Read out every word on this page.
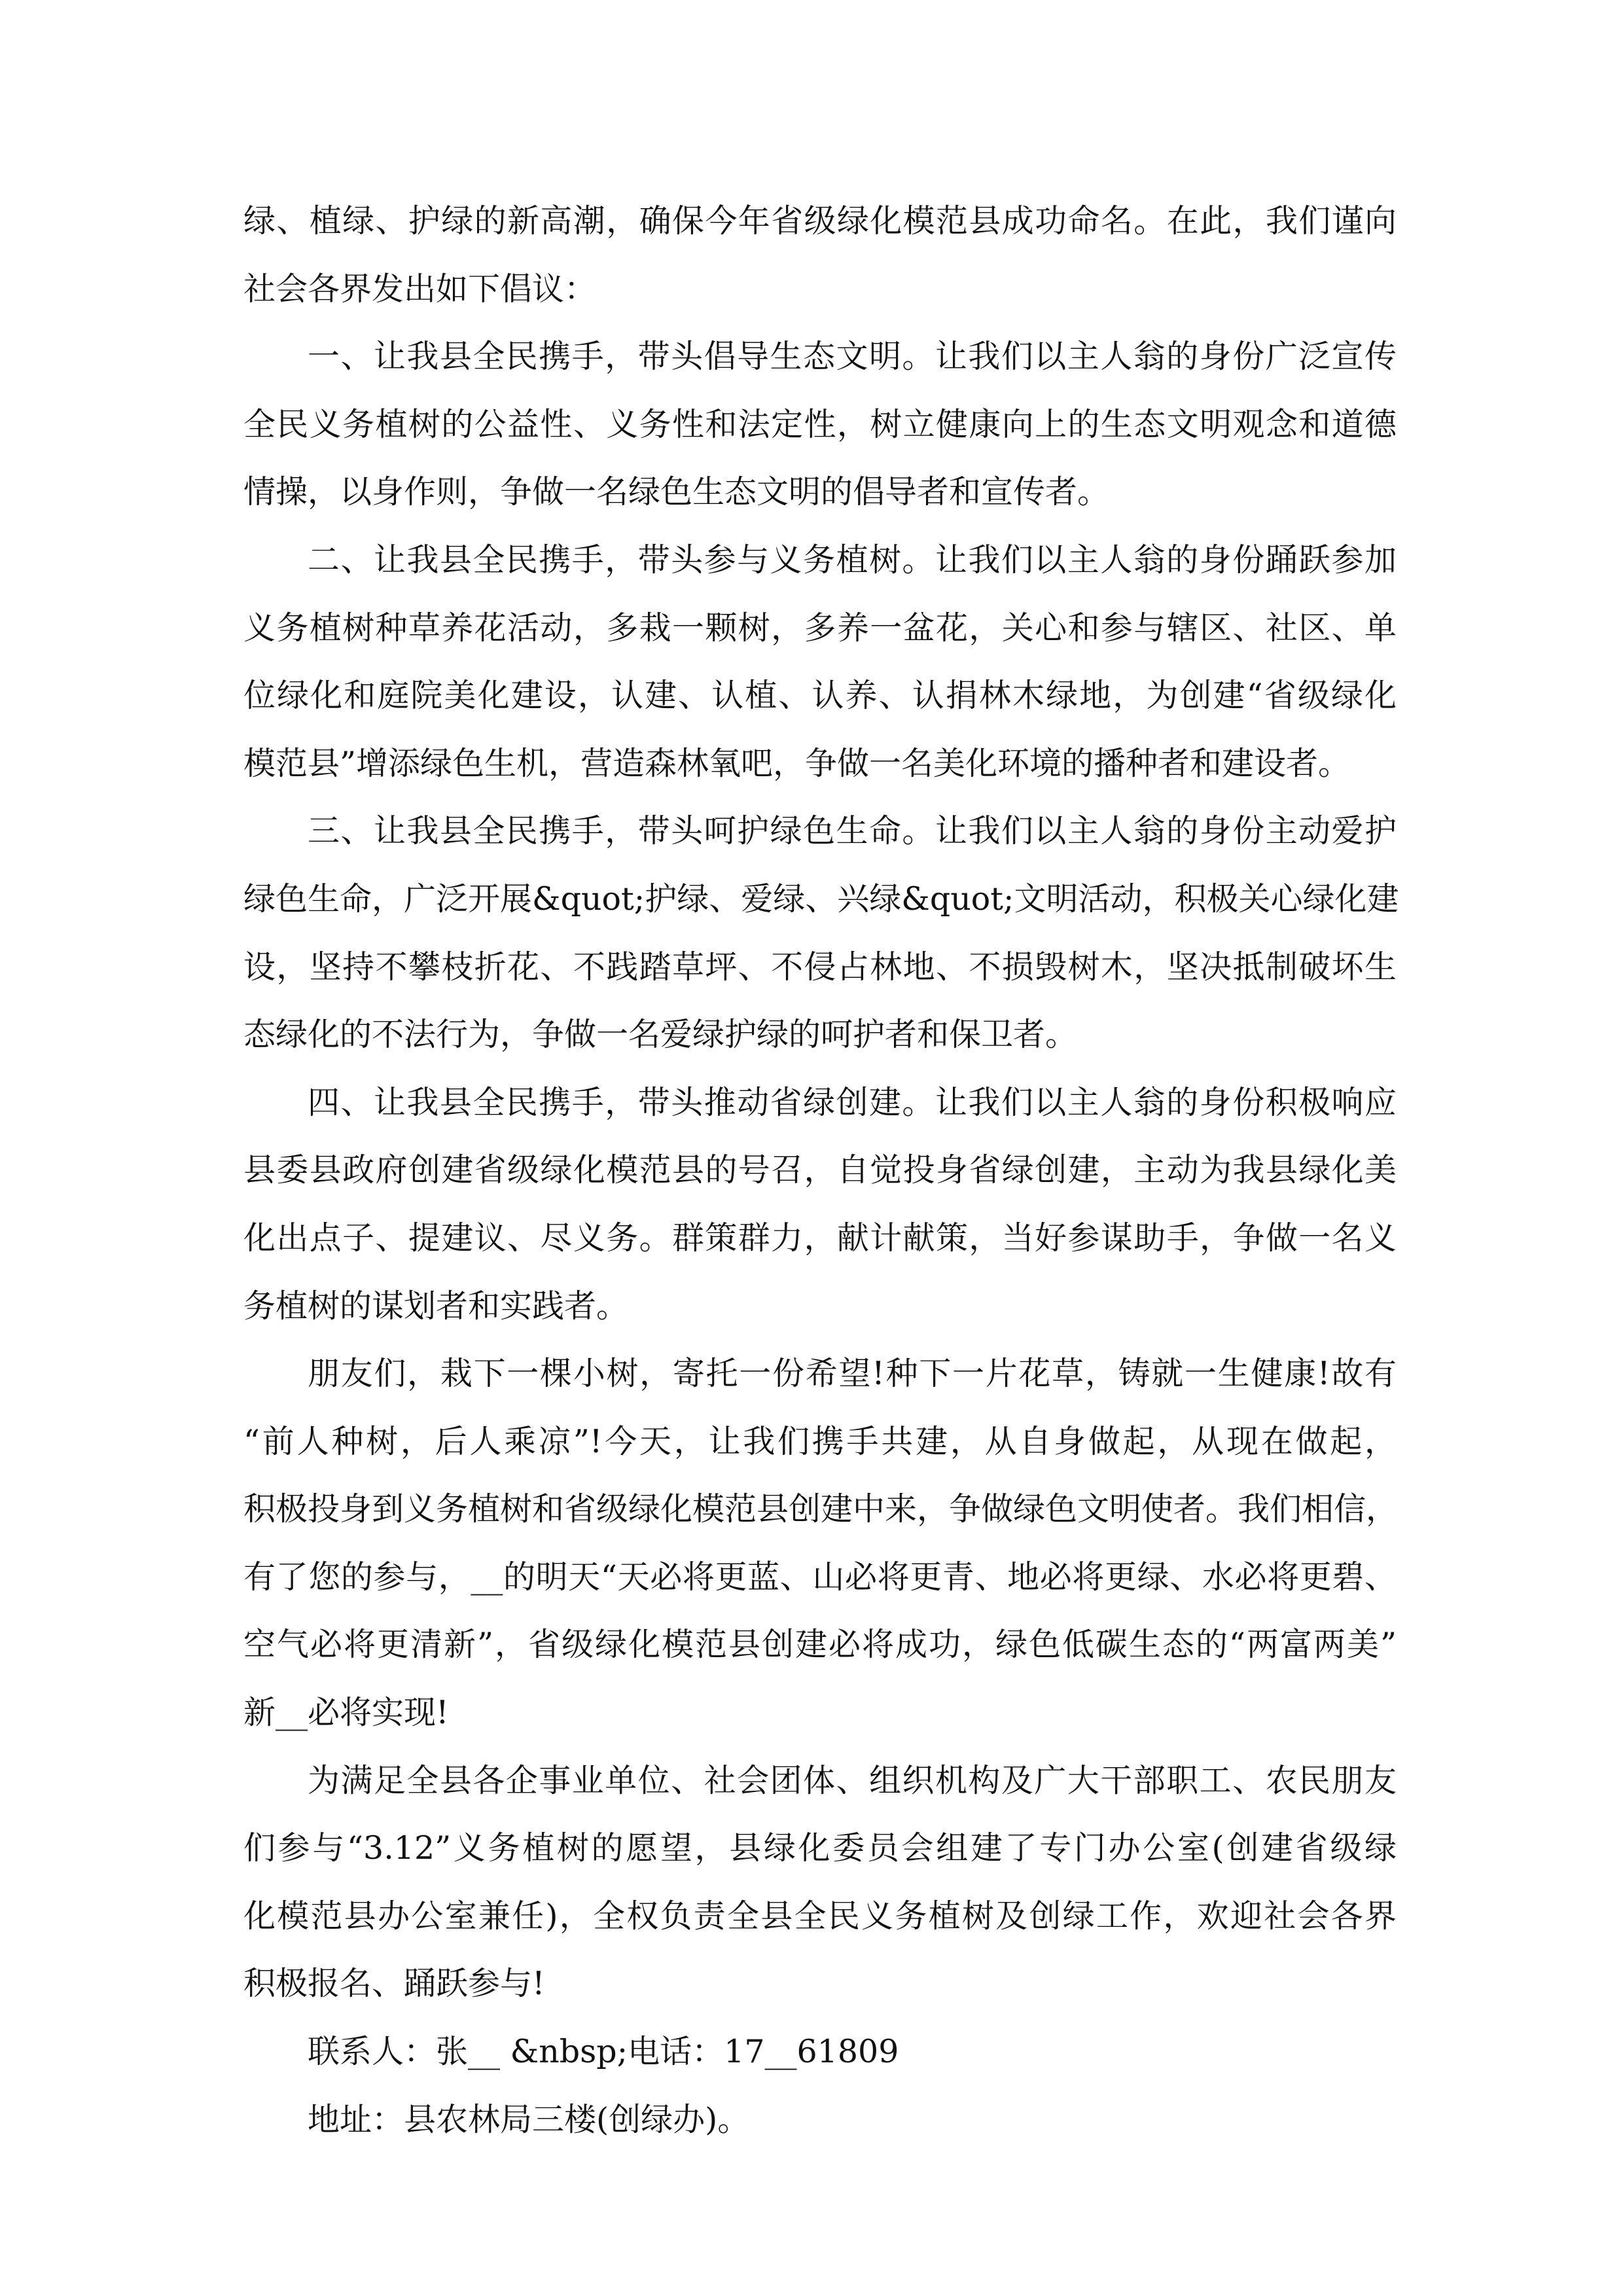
绿、植绿、护绿的新高潮，确保今年省级绿化模范县成功命名。在此，我们谨向
社会各界发出如下倡议：
一、让我县全民携手，带头倡导生态文明。让我们以主人翁的身份广泛宣传
全民义务植树的公益性、义务性和法定性，树立健康向上的生态文明观念和道德
情操，以身作则，争做一名绿色生态文明的倡导者和宣传者。
二、让我县全民携手，带头参与义务植树。让我们以主人翁的身份踊跃参加
义务植树种草养花活动，多栽一颗树，多养一盆花，关心和参与辖区、社区、单
位绿化和庭院美化建设，认建、认植、认养、认捐林木绿地，为创建“省级绿化
模范县”增添绿色生机，营造森林氧吧，争做一名美化环境的播种者和建设者。
三、让我县全民携手，带头呵护绿色生命。让我们以主人翁的身份主动爱护
绿色生命，广泛开展&quot;护绿、爱绿、兴绿&quot;文明活动，积极关心绿化建
设，坚持不攀枝折花、不践踏草坪、不侵占林地、不损毁树木，坚决抵制破坏生
态绿化的不法行为，争做一名爱绿护绿的呵护者和保卫者。
四、让我县全民携手，带头推动省绿创建。让我们以主人翁的身份积极响应
县委县政府创建省级绿化模范县的号召，自觉投身省绿创建，主动为我县绿化美
化出点子、提建议、尽义务。群策群力，献计献策，当好参谋助手，争做一名义
务植树的谋划者和实践者。
朋友们，栽下一棵小树，寄托一份希望!种下一片花草，铸就一生健康!故有
“前人种树，后人乘凉”!今天，让我们携手共建，从自身做起，从现在做起，
积极投身到义务植树和省级绿化模范县创建中来，争做绿色文明使者。我们相信，
有了您的参与，__的明天“天必将更蓝、山必将更青、地必将更绿、水必将更碧、
空气必将更清新”，省级绿化模范县创建必将成功，绿色低碳生态的“两富两美”
新__必将实现!
为满足全县各企事业单位、社会团体、组织机构及广大干部职工、农民朋友
们参与“3.12”义务植树的愿望，县绿化委员会组建了专门办公室(创建省级绿
化模范县办公室兼任)，全权负责全县全民义务植树及创绿工作，欢迎社会各界
积极报名、踊跃参与!
联系人：张__ &nbsp;电话：17__61809
地址：县农林局三楼(创绿办)。
